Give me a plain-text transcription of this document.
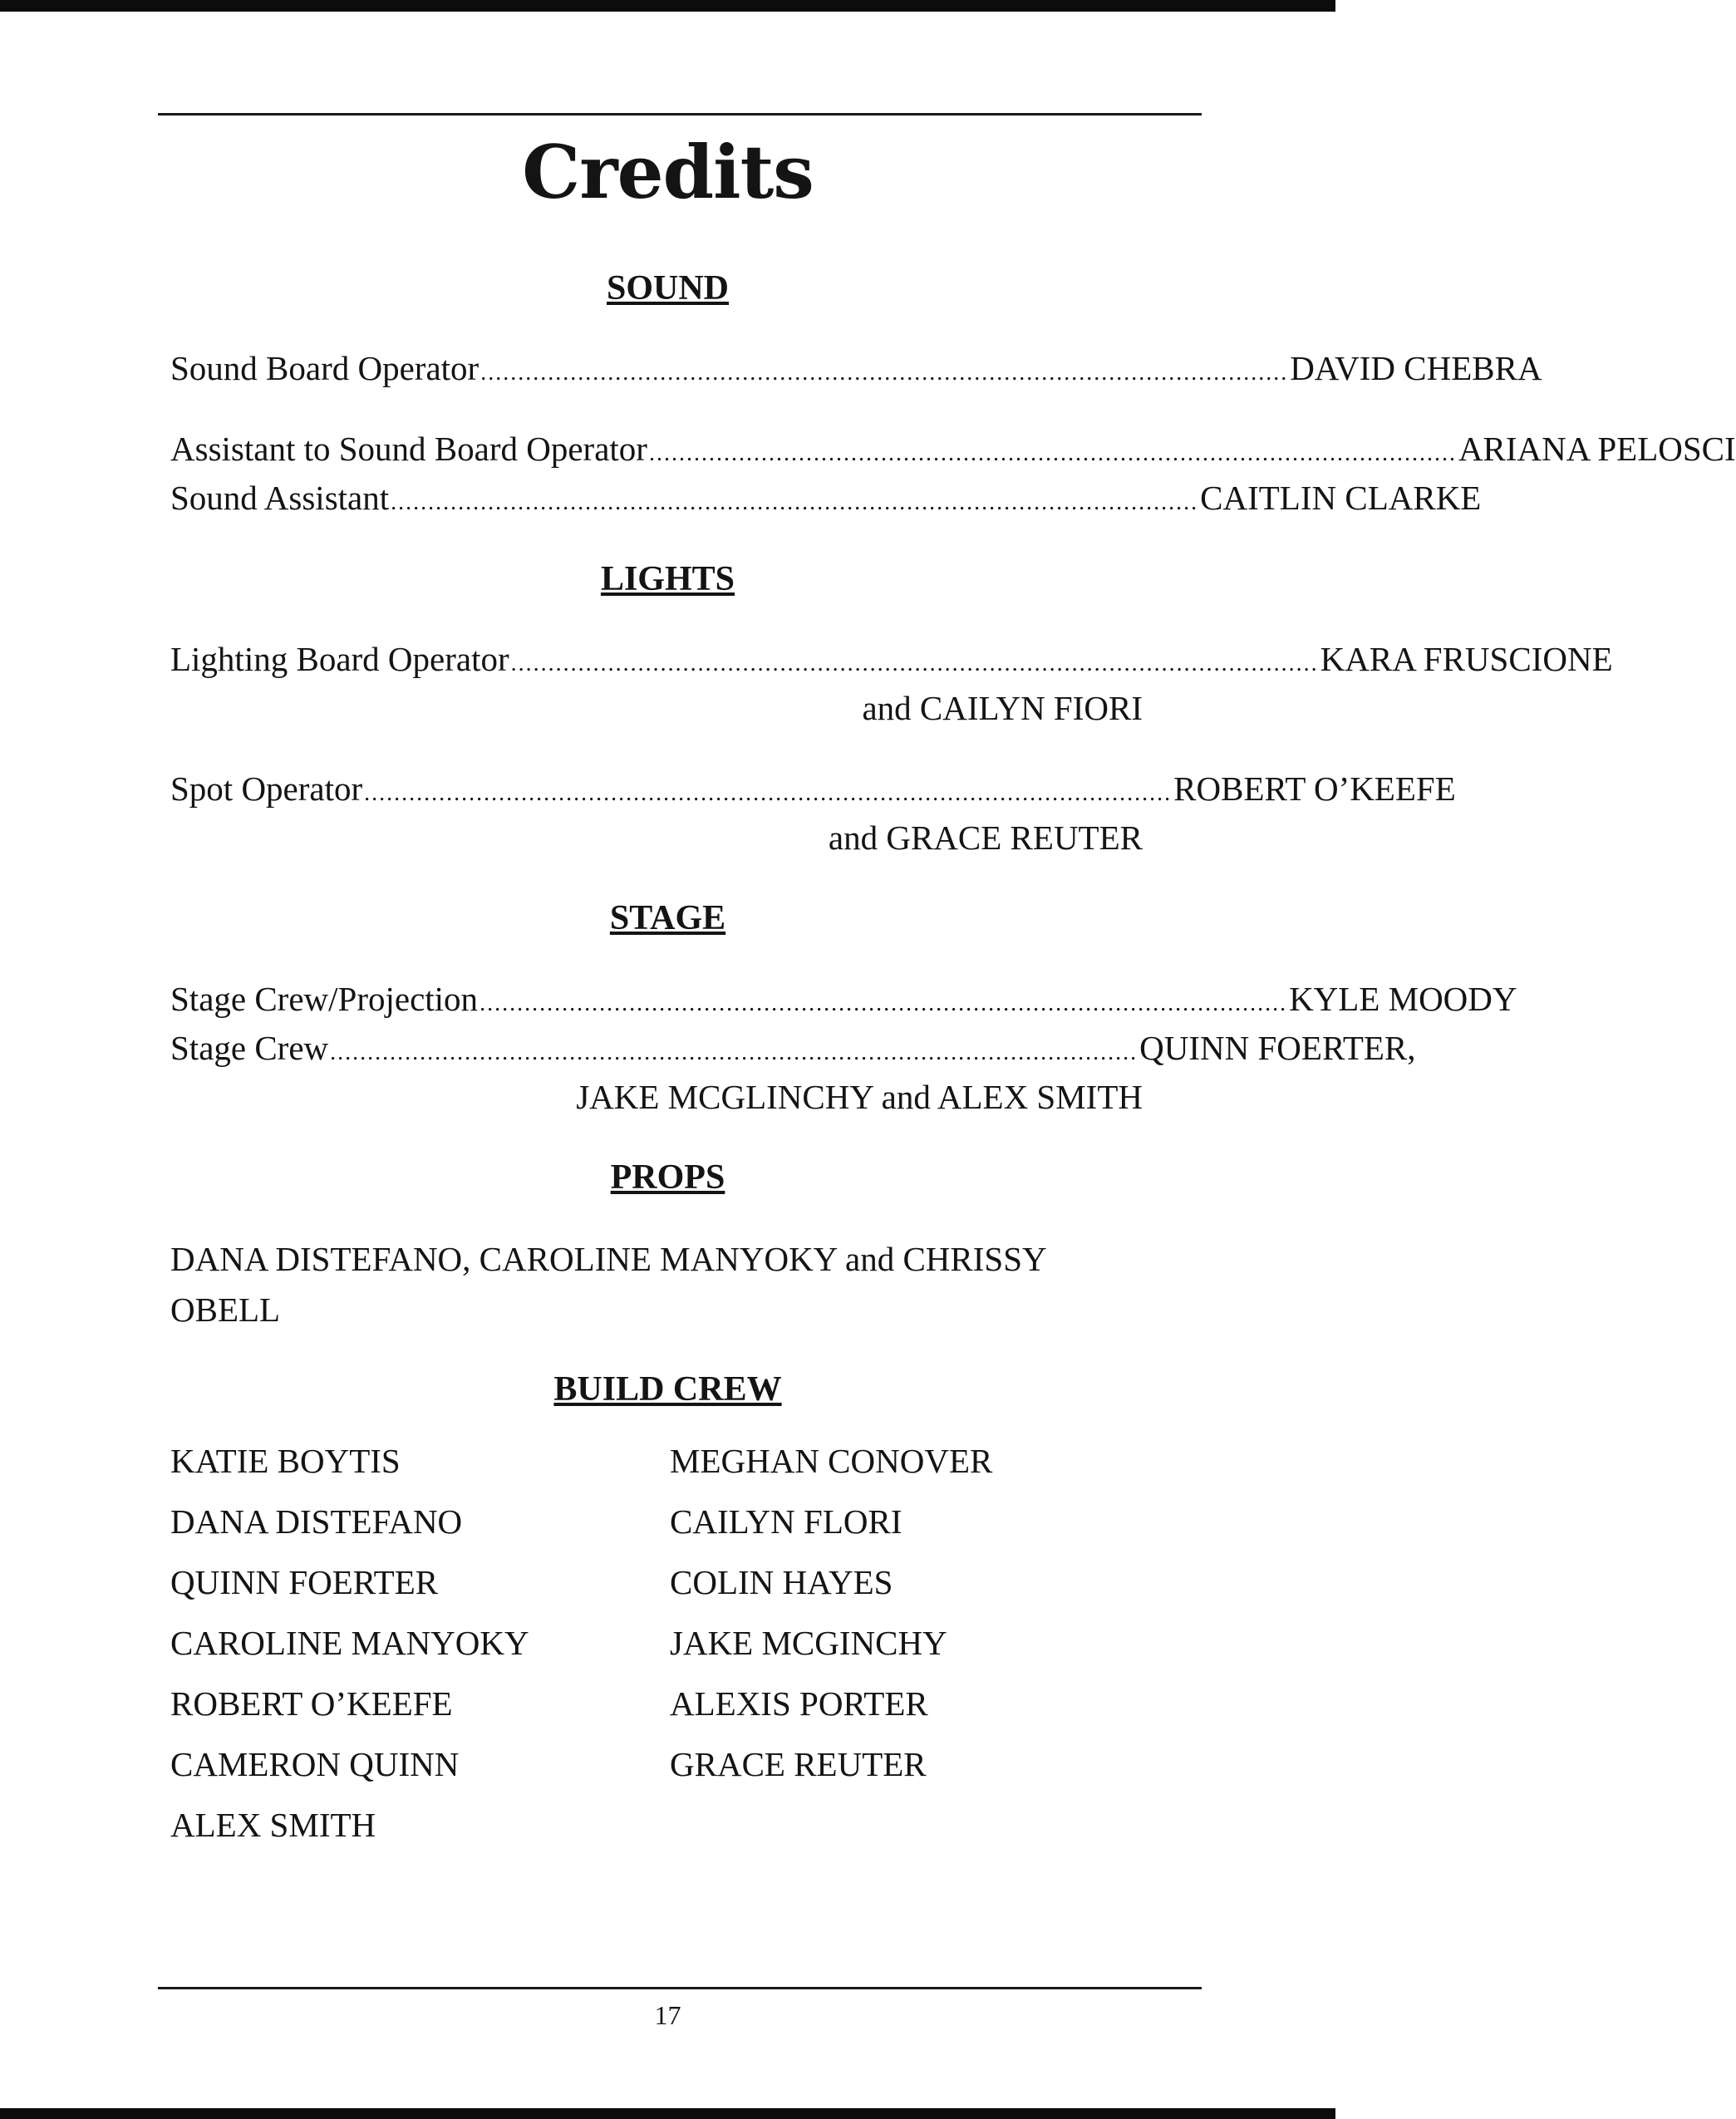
Credits
SOUND
Sound Board Operator ............................................................................................................ DAVID CHEBRA
Assistant to Sound Board Operator ............................................................................................................ ARIANA PELOSCI
Sound Assistant ............................................................................................................ CAITLIN CLARKE
LIGHTS
Lighting Board Operator ............................................................................................................ KARA FRUSCIONE
and CAILYN FIORI
Spot Operator ............................................................................................................ ROBERT O’KEEFE
and GRACE REUTER
STAGE
Stage Crew/Projection ............................................................................................................ KYLE MOODY
Stage Crew ............................................................................................................ QUINN FOERTER,
JAKE MCGLINCHY and ALEX SMITH
PROPS
DANA DISTEFANO, CAROLINE MANYOKY and CHRISSY OBELL
BUILD CREW
KATIE BOYTIS
DANA DISTEFANO
QUINN FOERTER
CAROLINE MANYOKY
ROBERT O’KEEFE
CAMERON QUINN
ALEX SMITH
MEGHAN CONOVER
CAILYN FLORI
COLIN HAYES
JAKE MCGINCHY
ALEXIS PORTER
GRACE REUTER
17
